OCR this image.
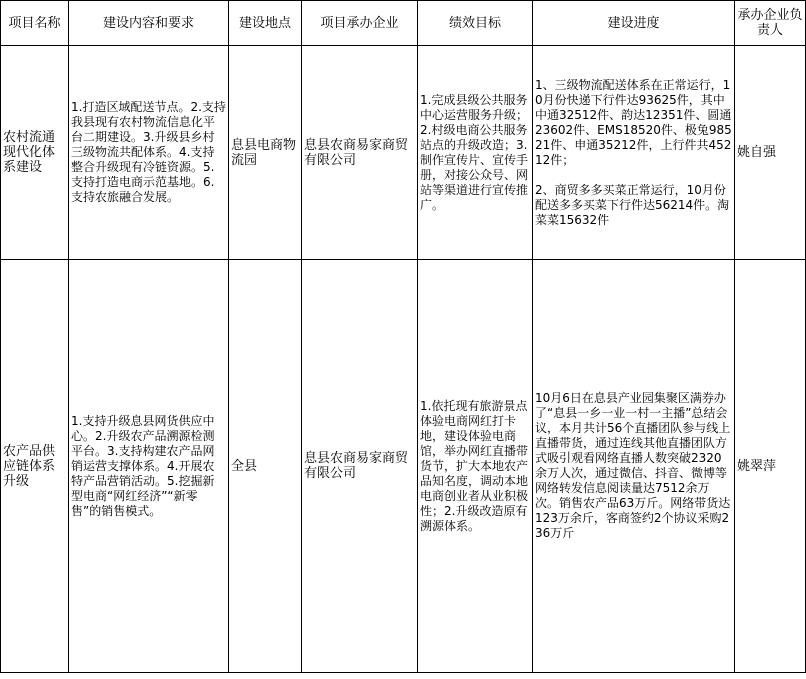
项目名称	建设内容和要求	建设地点	项目承办企业	绩效目标	建设进度	承办企业负责人
农村流通现代化体系建设	1.打造区域配送节点。2.支持我县现有农村物流信息化平台二期建设。3.升级县乡村三级物流共配体系。4.支持整合升级现有冷链资源。5.支持打造电商示范基地。6.支持农旅融合发展。	息县电商物流园	息县农商易家商贸有限公司	1.完成县级公共服务中心运营服务升级；2.村级电商公共服务站点的升级改造；3.制作宣传片、宣传手册，对接公众号、网站等渠道进行宣传推广。	1、三级物流配送体系在正常运行，10月份快递下行件达93625件，其中中通32512件、韵达12351件、圆通23602件、EMS18520件、极兔98521件、申通35212件，上行件共45212件；
2、商贸多多买菜正常运行，10月份配送多多买菜下行件达56214件。淘菜菜15632件	姚自强
农产品供应链体系升级	1.支持升级息县网货供应中心。2.升级农产品溯源检测平台。3.支持构建农产品网销运营支撑体系。4.开展农特产品营销活动。5.挖掘新型电商“网红经济”“新零售”的销售模式。	全县	息县农商易家商贸有限公司	1.依托现有旅游景点体验电商网红打卡地，建设体验电商馆，举办网红直播带货节，扩大本地农产品知名度，调动本地电商创业者从业积极性；2.升级改造原有溯源体系。	10月6日在息县产业园集聚区满券办了“息县一乡一业一村一主播”总结会议，本月共计56个直播团队参与线上直播带货，通过连线其他直播团队方式吸引观看网络直播人数突破2320余万人次，通过微信、抖音、微博等网络转发信息阅读量达7512余万次。销售农产品63万斤。网络带货达123万余斤，客商签约2个协议采购236万斤	姚翠萍
